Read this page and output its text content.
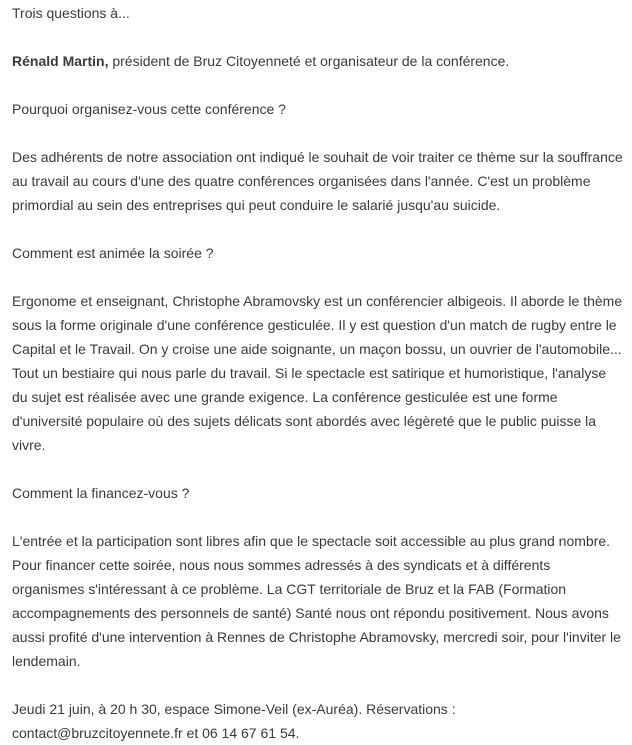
Trois questions à...

Rénald Martin, président de Bruz Citoyenneté et organisateur de la conférence.

Pourquoi organisez-vous cette conférence ?

Des adhérents de notre association ont indiqué le souhait de voir traiter ce thème sur la souffrance au travail au cours d'une des quatre conférences organisées dans l'année. C'est un problème primordial au sein des entreprises qui peut conduire le salarié jusqu'au suicide.

Comment est animée la soirée ?

Ergonome et enseignant, Christophe Abramovsky est un conférencier albigeois. Il aborde le thème sous la forme originale d'une conférence gesticulée. Il y est question d'un match de rugby entre le Capital et le Travail. On y croise une aide soignante, un maçon bossu, un ouvrier de l'automobile... Tout un bestiaire qui nous parle du travail. Si le spectacle est satirique et humoristique, l'analyse du sujet est réalisée avec une grande exigence. La conférence gesticulée est une forme d'université populaire où des sujets délicats sont abordés avec légèreté que le public puisse la vivre.

Comment la financez-vous ?

L'entrée et la participation sont libres afin que le spectacle soit accessible au plus grand nombre. Pour financer cette soirée, nous nous sommes adressés à des syndicats et à différents organismes s'intéressant à ce problème. La CGT territoriale de Bruz et la FAB (Formation accompagnements des personnels de santé) Santé nous ont répondu positivement. Nous avons aussi profité d'une intervention à Rennes de Christophe Abramovsky, mercredi soir, pour l'inviter le lendemain.

Jeudi 21 juin, à 20 h 30, espace Simone-Veil (ex-Auréa). Réservations :
contact@bruzcitoyennete.fr et 06 14 67 61 54.
